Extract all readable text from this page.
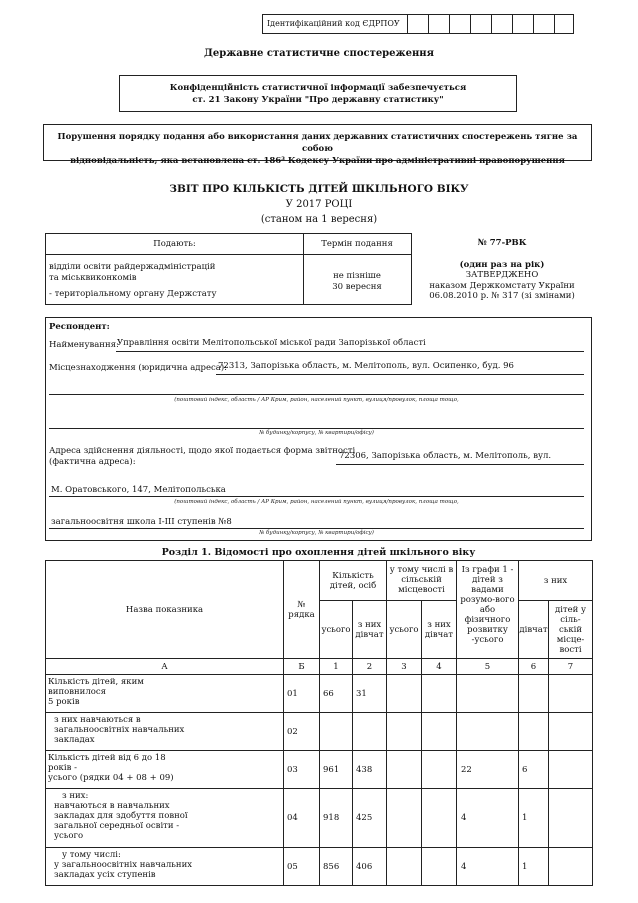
Ідентифікаційний код ЄДРПОУ
Державне статистичне спостереження
Конфіденційність статистичної інформації забезпечується
ст. 21 Закону України "Про державну статистику"
Порушення порядку подання або використання даних державних статистичних спостережень тягне за собою
відповідальність, яка встановлена ст. 186³ Кодексу України про адміністративні правопорушення
ЗВІТ ПРО КІЛЬКІСТЬ ДІТЕЙ ШКІЛЬНОГО ВІКУ
У 2017 РОЦІ
(станом на 1 вересня)
Подають:	Термін подання
відділи освіти райдержадміністрацій
та міськвиконкомів
- територіальному органу Держстату
не пізніше
30 вересня
№ 77-РВК
(один раз на рік)
ЗАТВЕРДЖЕНО
наказом Держкомстату України
06.08.2010 р. № 317 (зі змінами)
Респондент:
Найменування:
Управління освіти Мелітопольської міської ради Запорізької області
Місцезнаходження (юридична адреса):
72313, Запорізька область, м. Мелітополь, вул. Осипенко, буд. 96
(поштовий індекс, область / АР Крим, район, населений пункт, вулиця/провулок, площа тощо,
№ будинку/корпусу, № квартири/офісу)
Адреса здійснення діяльності, щодо якої подається форма звітності
(фактична адреса):
72306, Запорізька область, м. Мелітополь, вул.
М. Оратовського, 147, Мелітопольська
(поштовий індекс, область / АР Крим, район, населений пункт, вулиця/провулок, площа тощо,
загальноосвітня школа І-ІІІ ступенів №8
№ будинку/корпусу, № квартири/офісу)
Розділ 1. Відомості про охоплення дітей шкільного віку
Назва показника	№ рядка	Кількість дітей, осіб		у тому числі в сільській місцевості		Із графи 1 - дітей з вадами розумо-вого або фізичного розвитку -усього	з них	
		усього	з них дівчат	усього	з них дівчат		дівчат	дітей у сіль-ській місце-вості
А	Б	1	2	3	4	5	6	7

Кількість дітей, яким
виповнилося
5 років	01	66	31					

з них навчаються в
загальноосвітніх навчальних
закладах	02							

Кількість дітей від 6 до 18
років -
усього (рядки 04 + 08 + 09)	03	961	438			22	6	

з них:
навчаються в навчальних
закладах для здобуття повної
загальної середньої освіти -
усього	04	918	425			4	1	

у тому числі:
у загальноосвітніх навчальних
закладах усіх ступенів	05	856	406			4	1	
